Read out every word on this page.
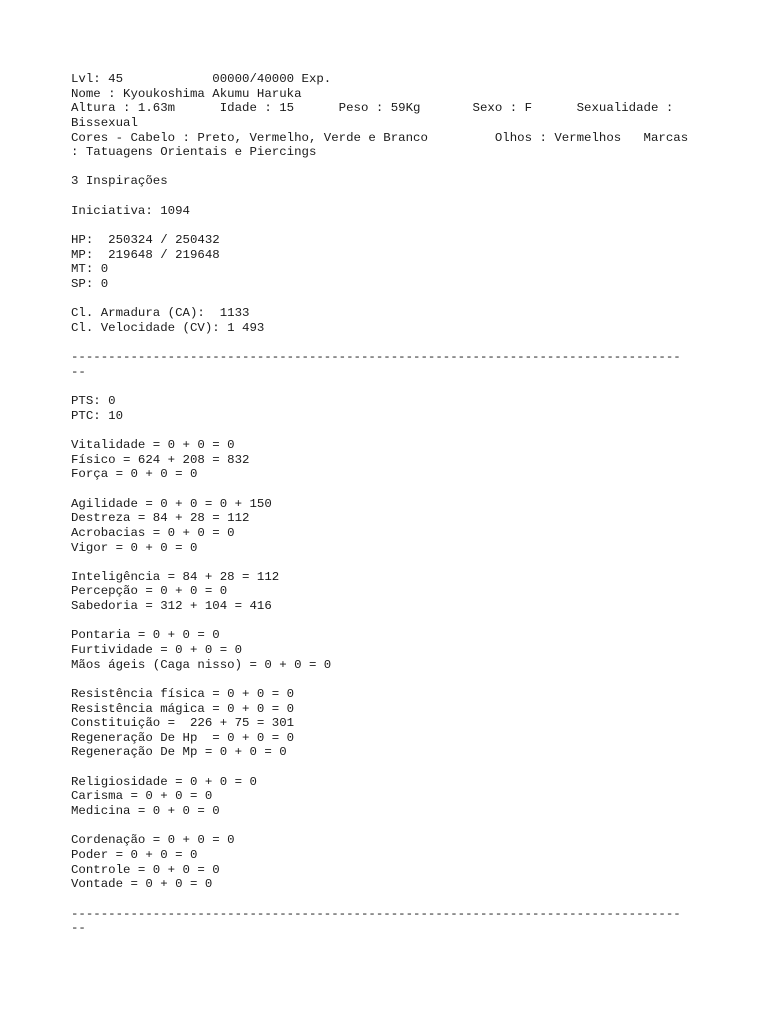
Lvl: 45            00000/40000 Exp.
Nome : Kyoukoshima Akumu Haruka
Altura : 1.63m      Idade : 15      Peso : 59Kg       Sexo : F      Sexualidade :
Bissexual
Cores - Cabelo : Preto, Vermelho, Verde e Branco         Olhos : Vermelhos   Marcas
: Tatuagens Orientais e Piercings
3 Inspirações
Iniciativa: 1094
HP:  250324 / 250432
MP:  219648 / 219648
MT: 0
SP: 0
Cl. Armadura (CA):  1133
Cl. Velocidade (CV): 1 493
----------------------------------------------------------------------------------
--
PTS: 0
PTC: 10
Vitalidade = 0 + 0 = 0
Físico = 624 + 208 = 832
Força = 0 + 0 = 0
Agilidade = 0 + 0 = 0 + 150
Destreza = 84 + 28 = 112
Acrobacias = 0 + 0 = 0
Vigor = 0 + 0 = 0
Inteligência = 84 + 28 = 112
Percepção = 0 + 0 = 0
Sabedoria = 312 + 104 = 416
Pontaria = 0 + 0 = 0
Furtividade = 0 + 0 = 0
Mãos ágeis (Caga nisso) = 0 + 0 = 0
Resistência física = 0 + 0 = 0
Resistência mágica = 0 + 0 = 0
Constituição =  226 + 75 = 301
Regeneração De Hp  = 0 + 0 = 0
Regeneração De Mp = 0 + 0 = 0
Religiosidade = 0 + 0 = 0
Carisma = 0 + 0 = 0
Medicina = 0 + 0 = 0
Cordenação = 0 + 0 = 0
Poder = 0 + 0 = 0
Controle = 0 + 0 = 0
Vontade = 0 + 0 = 0
----------------------------------------------------------------------------------
--
